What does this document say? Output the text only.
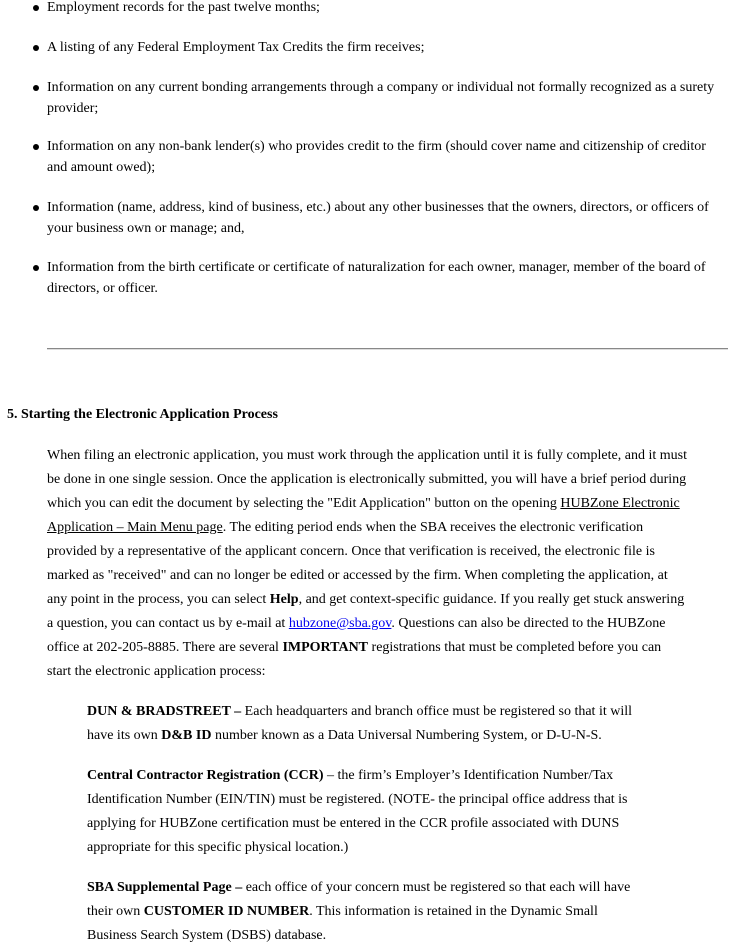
Employment records for the past twelve months;
A listing of any Federal Employment Tax Credits the firm receives;
Information on any current bonding arrangements through a company or individual not formally recognized as a surety
provider;
Information on any non-bank lender(s) who provides credit to the firm (should cover name and citizenship of creditor
and amount owed);
Information (name, address, kind of business, etc.) about any other businesses that the owners, directors, or officers of
your business own or manage; and,
Information from the birth certificate or certificate of naturalization for each owner, manager, member of the board of
directors, or officer.
5. Starting the Electronic Application Process
When filing an electronic application, you must work through the application until it is fully complete, and it must
be done in one single session. Once the application is electronically submitted, you will have a brief period during
which you can edit the document by selecting the "Edit Application" button on the opening HUBZone Electronic
Application – Main Menu page. The editing period ends when the SBA receives the electronic verification
provided by a representative of the applicant concern. Once that verification is received, the electronic file is
marked as "received" and can no longer be edited or accessed by the firm. When completing the application, at
any point in the process, you can select Help, and get context-specific guidance. If you really get stuck answering
a question, you can contact us by e-mail at hubzone@sba.gov. Questions can also be directed to the HUBZone
office at 202-205-8885. There are several IMPORTANT registrations that must be completed before you can
start the electronic application process:
DUN & BRADSTREET – Each headquarters and branch office must be registered so that it will
have its own D&B ID number known as a Data Universal Numbering System, or D-U-N-S.
Central Contractor Registration (CCR) – the firm’s Employer’s Identification Number/Tax
Identification Number (EIN/TIN) must be registered. (NOTE- the principal office address that is
applying for HUBZone certification must be entered in the CCR profile associated with DUNS
appropriate for this specific physical location.)
SBA Supplemental Page – each office of your concern must be registered so that each will have
their own CUSTOMER ID NUMBER. This information is retained in the Dynamic Small
Business Search System (DSBS) database.
